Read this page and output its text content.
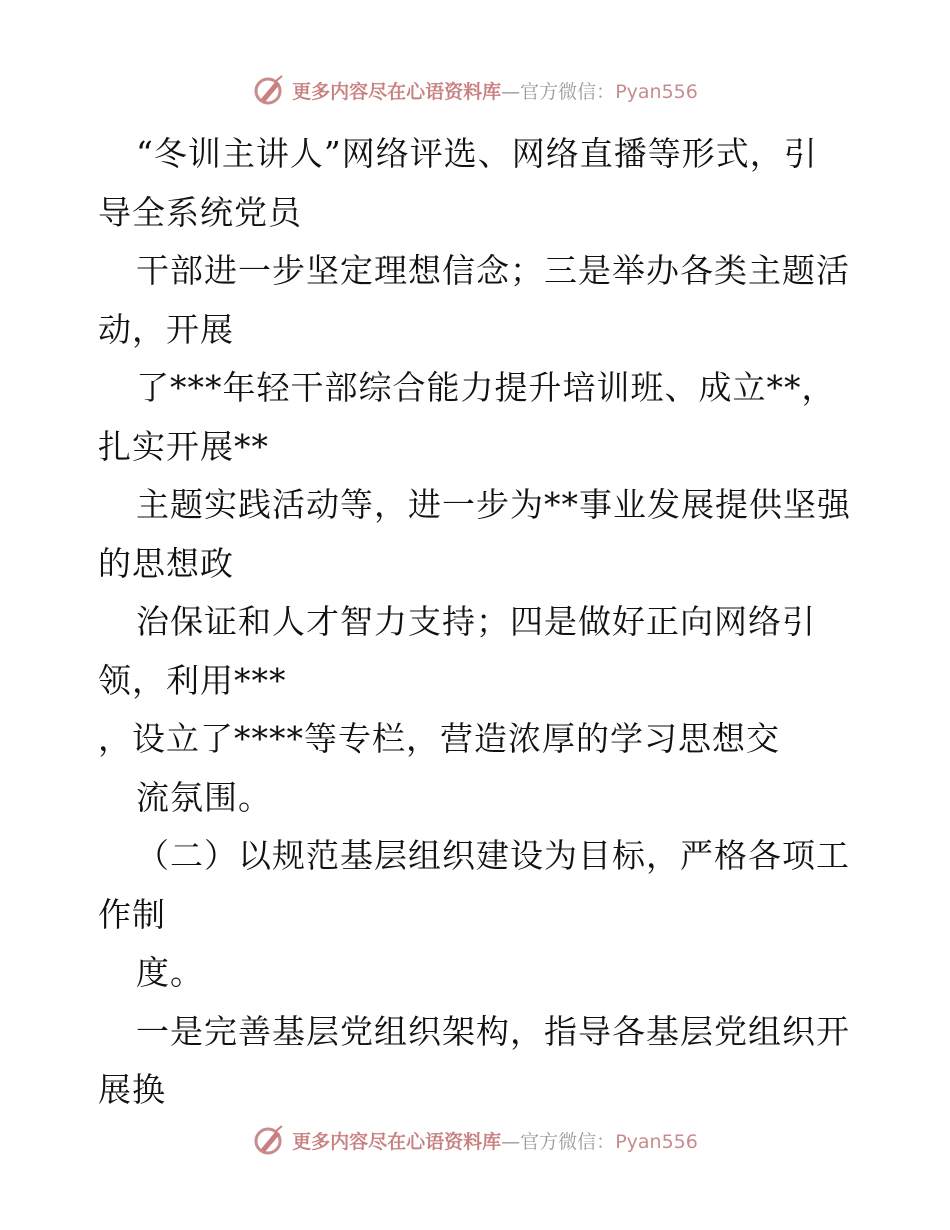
更多内容尽在心语资料库—官方微信：Pyan556
“冬训主讲人”网络评选、网络直播等形式，引
导全系统党员
干部进一步坚定理想信念；三是举办各类主题活
动，开展
了***年轻干部综合能力提升培训班、成立**，
扎实开展**
主题实践活动等，进一步为**事业发展提供坚强
的思想政
治保证和人才智力支持；四是做好正向网络引
领，利用***
，设立了****等专栏，营造浓厚的学习思想交
流氛围。
（二）以规范基层组织建设为目标，严格各项工
作制
度。
一是完善基层党组织架构，指导各基层党组织开
展换
更多内容尽在心语资料库—官方微信：Pyan556
